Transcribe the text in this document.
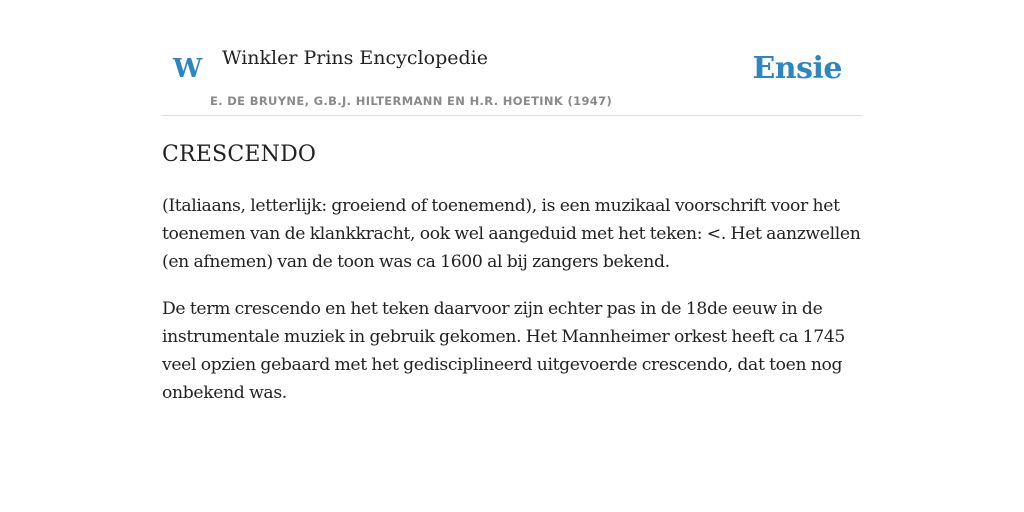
W Winkler Prins Encyclopedie
E. DE BRUYNE, G.B.J. HILTERMANN EN H.R. HOETINK (1947)
Ensie
CRESCENDO

(Italiaans, letterlijk: groeiend of toenemend), is een muzikaal voorschrift voor het toenemen van de klankkracht, ook wel aangeduid met het teken: <. Het aanzwellen (en afnemen) van de toon was ca 1600 al bij zangers bekend.

De term crescendo en het teken daarvoor zijn echter pas in de 18de eeuw in de instrumentale muziek in gebruik gekomen. Het Mannheimer orkest heeft ca 1745 veel opzien gebaard met het gedisciplineerd uitgevoerde crescendo, dat toen nog onbekend was.
